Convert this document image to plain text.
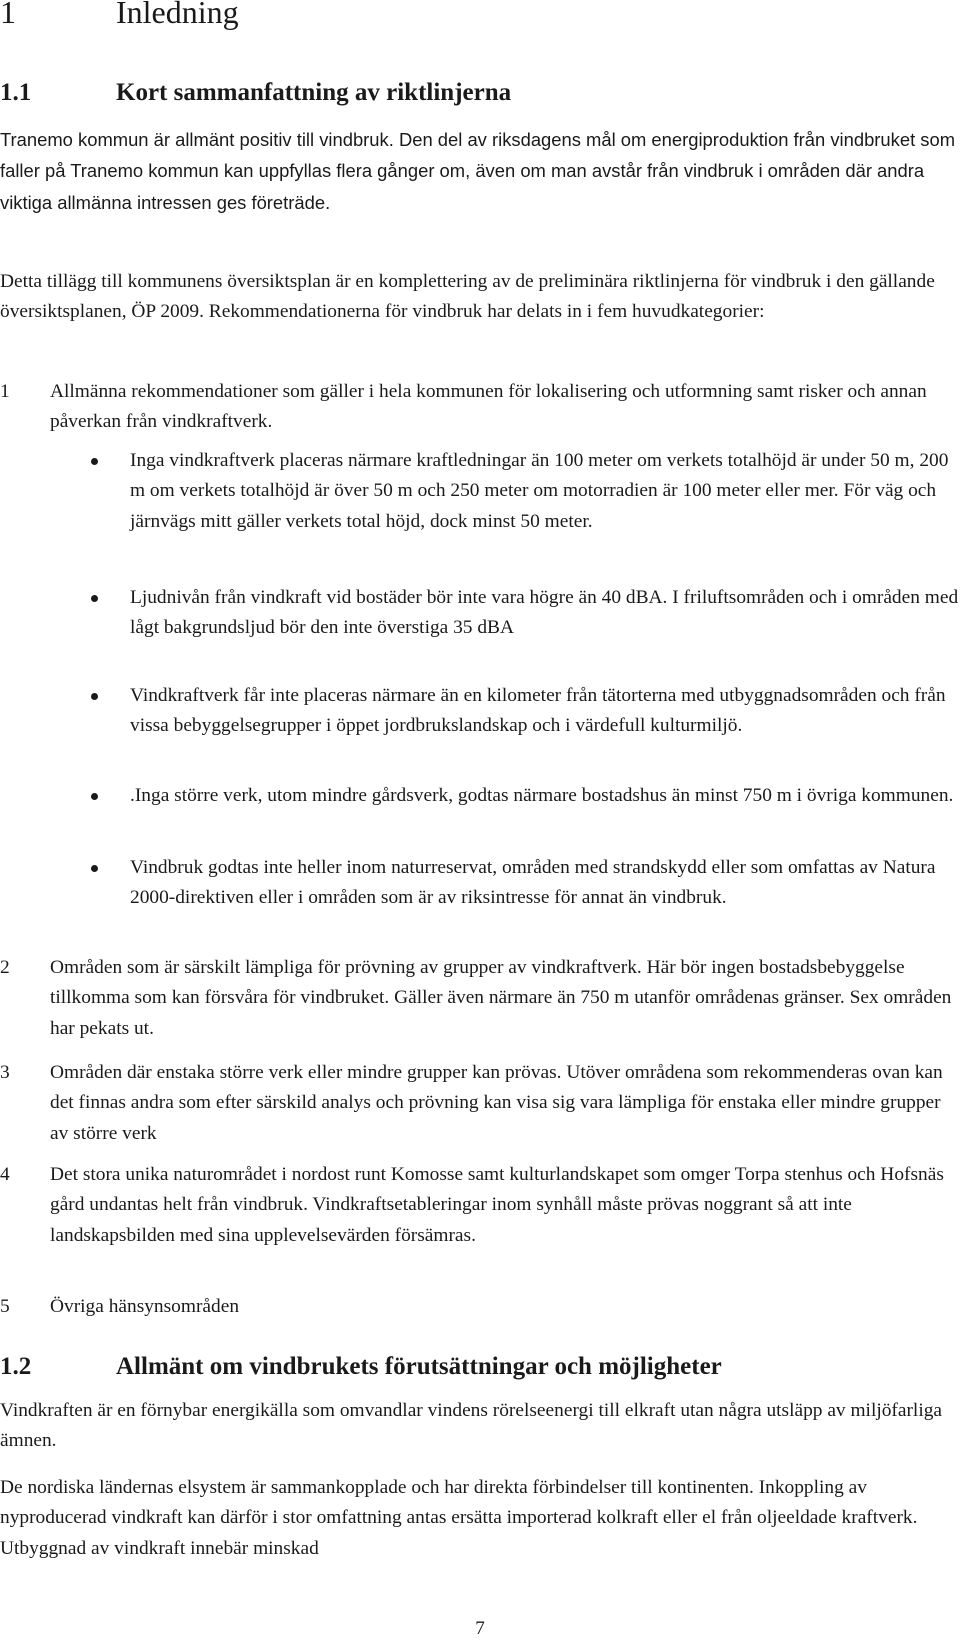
1	Inledning
1.1	Kort sammanfattning av riktlinjerna

Tranemo kommun är allmänt positiv till vindbruk. Den del av riksdagens mål om energiproduktion från vindbruket som faller på Tranemo kommun kan uppfyllas flera gånger om, även om man avstår från vindbruk i områden där andra viktiga allmänna intressen ges företräde.

Detta tillägg till kommunens översiktsplan är en komplettering av de preliminära riktlinjerna för vindbruk i den gällande översiktsplanen, ÖP 2009. Rekommendationerna för vindbruk har delats in i fem huvudkategorier:

1 Allmänna rekommendationer som gäller i hela kommunen för lokalisering och utformning samt risker och annan påverkan från vindkraftverk.
Inga vindkraftverk placeras närmare kraftledningar än 100 meter om verkets totalhöjd är under 50 m, 200 m om verkets totalhöjd är över 50 m och 250 meter om motorradien är 100 meter eller mer. För väg och järnvägs mitt gäller verkets total höjd, dock minst 50 meter.
Ljudnivån från vindkraft vid bostäder bör inte vara högre än 40 dBA. I friluftsområden och i områden med lågt bakgrundsljud bör den inte överstiga 35 dBA
Vindkraftverk får inte placeras närmare än en kilometer från tätorterna med utbyggnadsområden och från vissa bebyggelsegrupper i öppet jordbrukslandskap och i värdefull kulturmiljö.
.Inga större verk, utom mindre gårdsverk, godtas närmare bostadshus än minst 750 m i övriga kommunen.
Vindbruk godtas inte heller inom naturreservat, områden med strandskydd eller som omfattas av Natura 2000-direktiven eller i områden som är av riksintresse för annat än vindbruk.
2 Områden som är särskilt lämpliga för prövning av grupper av vindkraftverk. Här bör ingen bostadsbebyggelse tillkomma som kan försvåra för vindbruket. Gäller även närmare än 750 m utanför områdenas gränser. Sex områden har pekats ut.
3 Områden där enstaka större verk eller mindre grupper kan prövas. Utöver områdena som rekommenderas ovan kan det finnas andra som efter särskild analys och prövning kan visa sig vara lämpliga för enstaka eller mindre grupper av större verk
4 Det stora unika naturområdet i nordost runt Komosse samt kulturlandskapet som omger Torpa stenhus och Hofsnäs gård undantas helt från vindbruk. Vindkraftsetableringar inom synhåll måste prövas noggrant så att inte landskapsbilden med sina upplevelsevärden försämras.
5 Övriga hänsynsområden
1.2	Allmänt om vindbrukets förutsättningar och möjligheter

Vindkraften är en förnybar energikälla som omvandlar vindens rörelseenergi till elkraft utan några utsläpp av miljöfarliga ämnen.

De nordiska ländernas elsystem är sammankopplade och har direkta förbindelser till kontinenten. Inkoppling av nyproducerad vindkraft kan därför i stor omfattning antas ersätta importerad kolkraft eller el från oljeeldade kraftverk. Utbyggnad av vindkraft innebär minskad

7
